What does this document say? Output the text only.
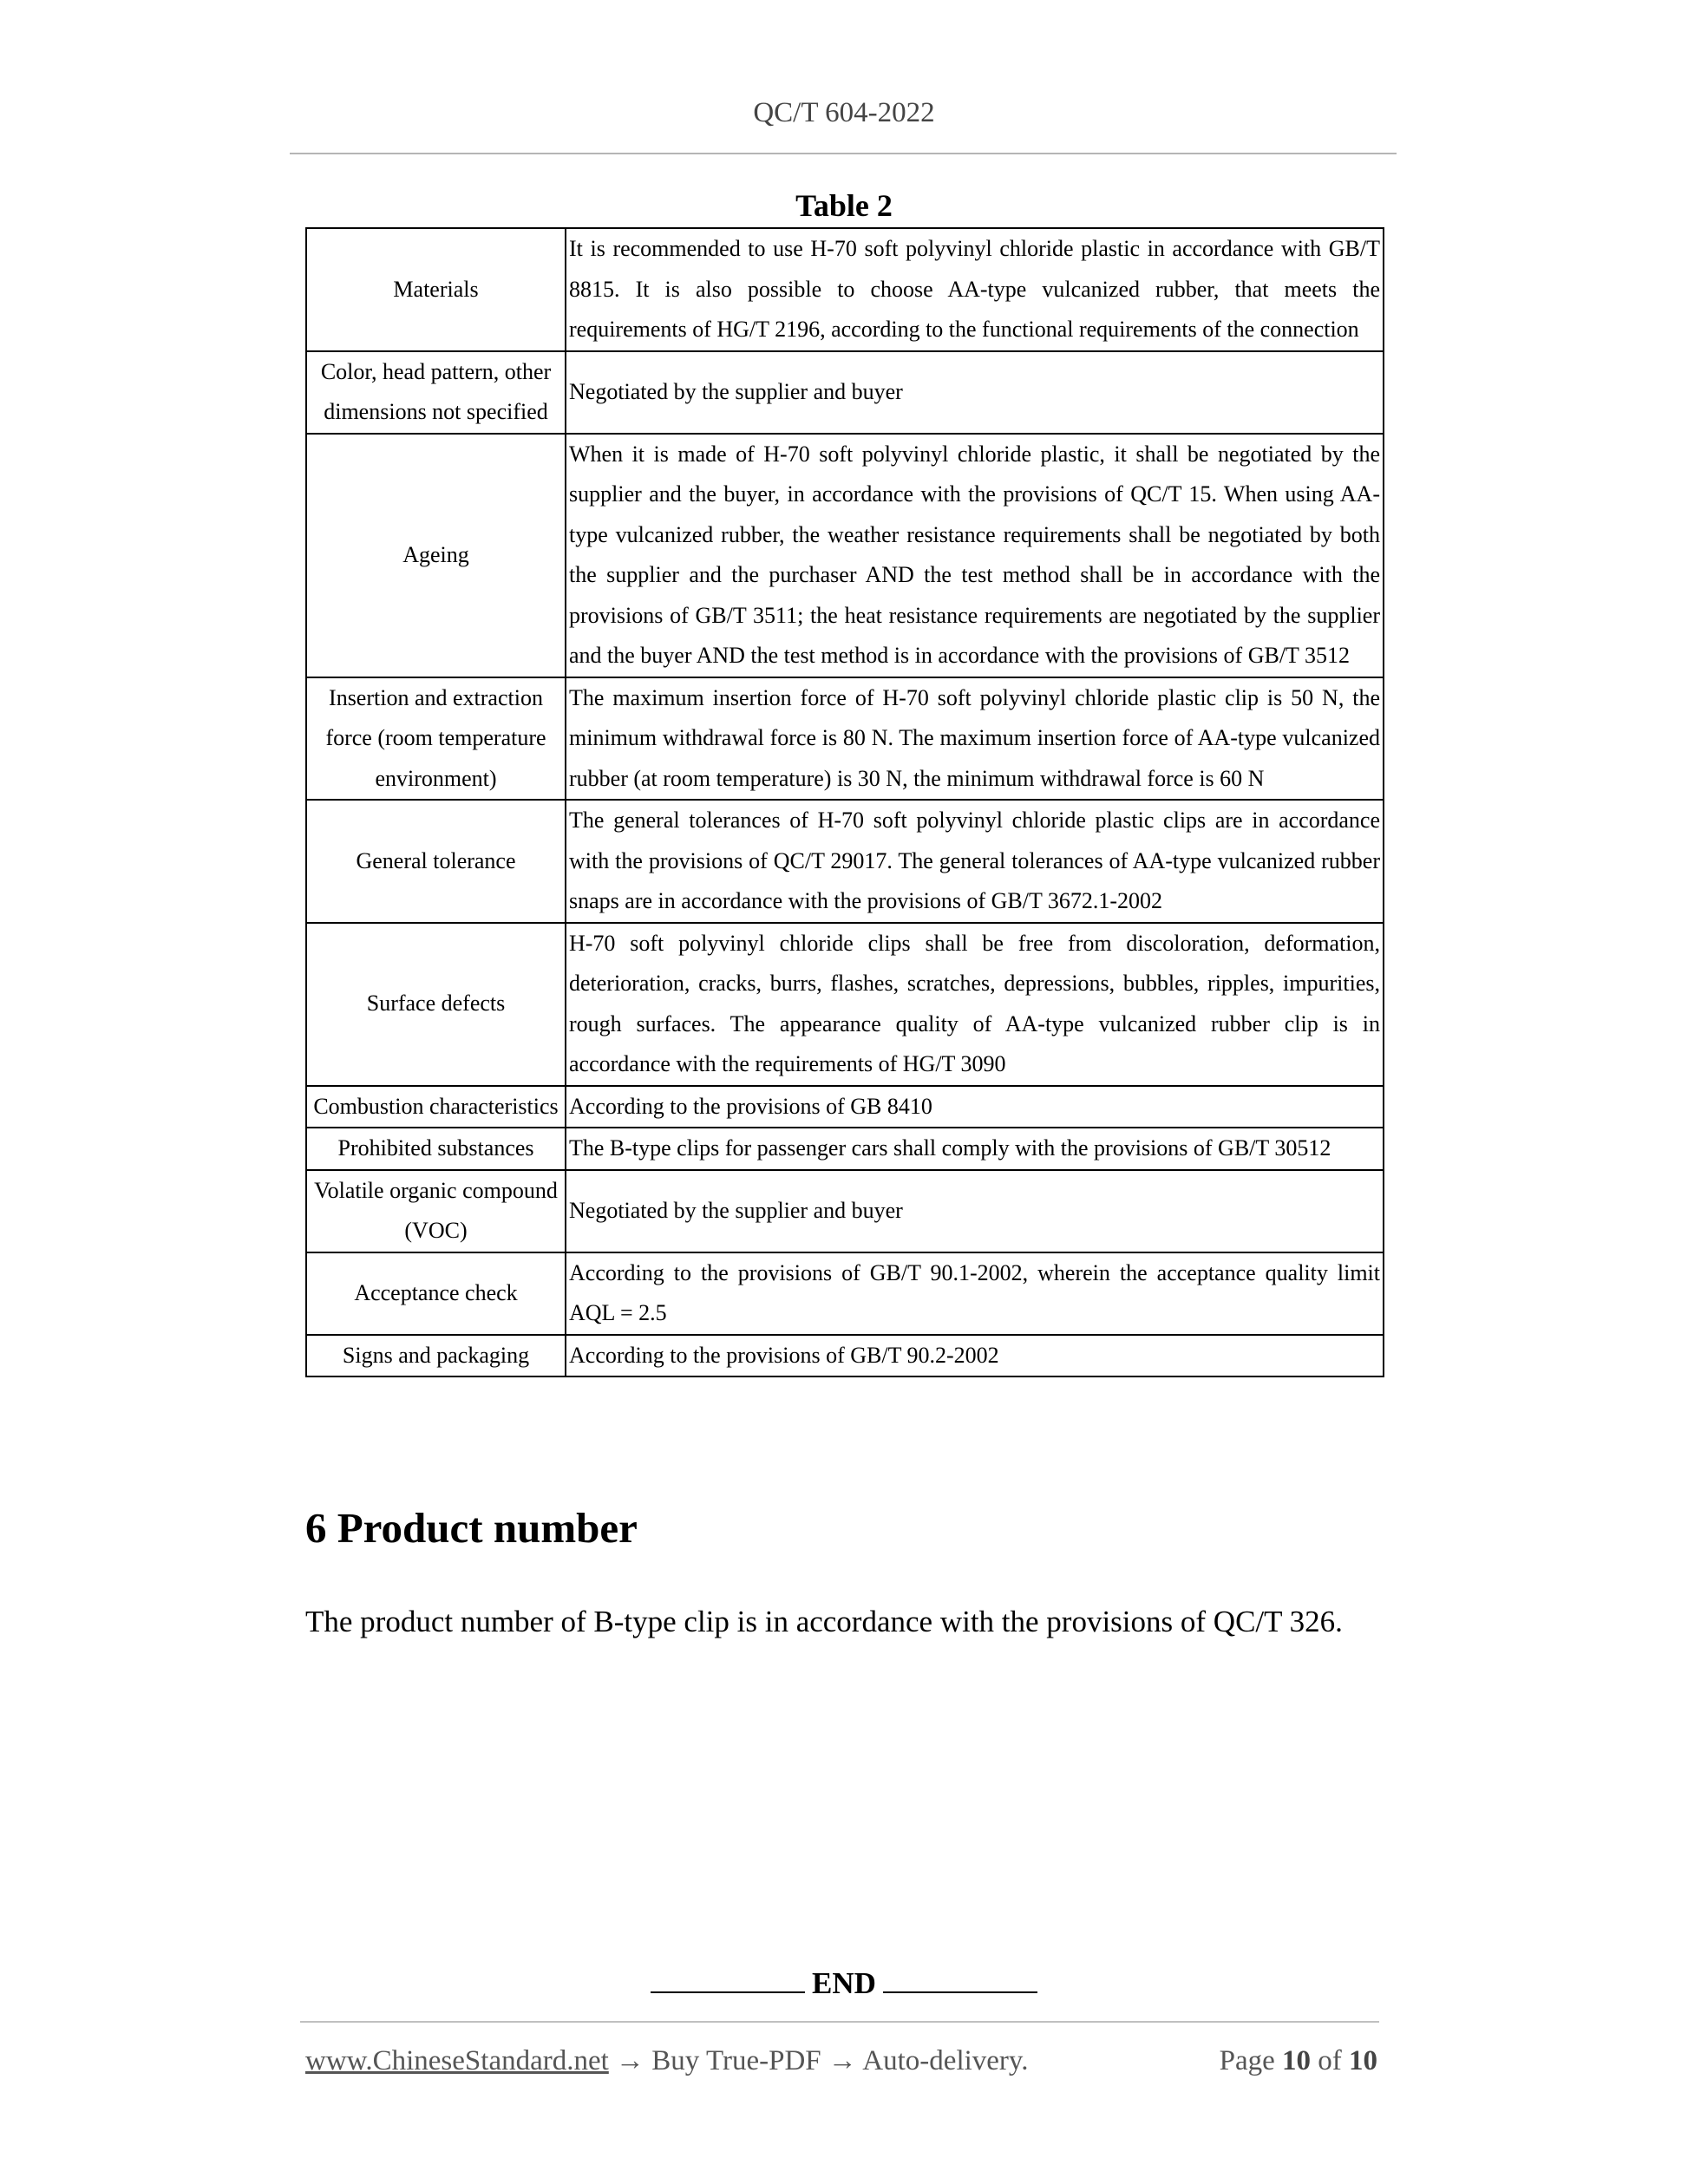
QC/T 604-2022
Table 2
Materials	It is recommended to use H-70 soft polyvinyl chloride plastic in accordance with GB/T 8815. It is also possible to choose AA-type vulcanized rubber, that meets the requirements of HG/T 2196, according to the functional requirements of the connection
Color, head pattern, other dimensions not specified	Negotiated by the supplier and buyer
Ageing	When it is made of H-70 soft polyvinyl chloride plastic, it shall be negotiated by the supplier and the buyer, in accordance with the provisions of QC/T 15. When using AA-type vulcanized rubber, the weather resistance requirements shall be negotiated by both the supplier and the purchaser AND the test method shall be in accordance with the provisions of GB/T 3511; the heat resistance requirements are negotiated by the supplier and the buyer AND the test method is in accordance with the provisions of GB/T 3512
Insertion and extraction force (room temperature environment)	The maximum insertion force of H-70 soft polyvinyl chloride plastic clip is 50 N, the minimum withdrawal force is 80 N. The maximum insertion force of AA-type vulcanized rubber (at room temperature) is 30 N, the minimum withdrawal force is 60 N
General tolerance	The general tolerances of H-70 soft polyvinyl chloride plastic clips are in accordance with the provisions of QC/T 29017. The general tolerances of AA-type vulcanized rubber snaps are in accordance with the provisions of GB/T 3672.1-2002
Surface defects	H-70 soft polyvinyl chloride clips shall be free from discoloration, deformation, deterioration, cracks, burrs, flashes, scratches, depressions, bubbles, ripples, impurities, rough surfaces. The appearance quality of AA-type vulcanized rubber clip is in accordance with the requirements of HG/T 3090
Combustion characteristics	According to the provisions of GB 8410
Prohibited substances	The B-type clips for passenger cars shall comply with the provisions of GB/T 30512
Volatile organic compound (VOC)	Negotiated by the supplier and buyer
Acceptance check	According to the provisions of GB/T 90.1-2002, wherein the acceptance quality limit AQL = 2.5
Signs and packaging	According to the provisions of GB/T 90.2-2002
6 Product number
The product number of B-type clip is in accordance with the provisions of QC/T 326.
END
www.ChineseStandard.net → Buy True-PDF → Auto-delivery.	Page 10 of 10
